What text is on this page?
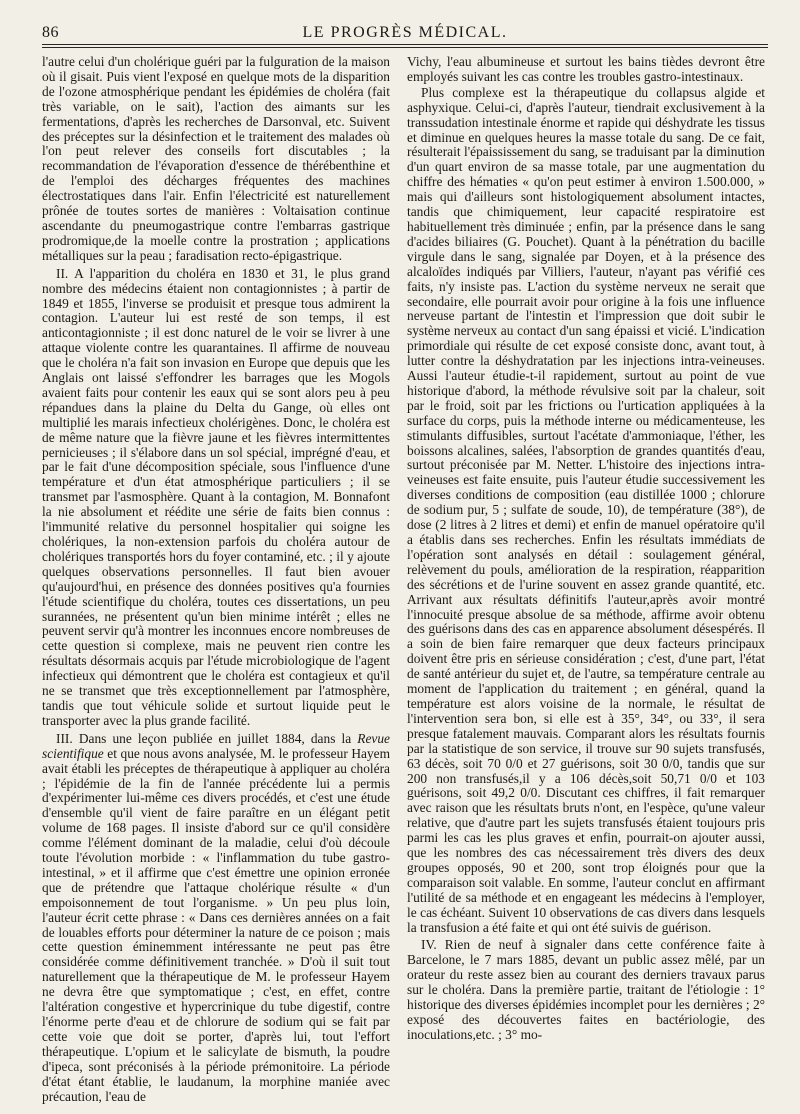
86	LE PROGRÈS MÉDICAL.

l'autre celui d'un cholérique guéri par la fulguration de la maison où il gisait. Puis vient l'exposé en quelque mots de la disparition de l'ozone atmosphérique pendant les épidémies de choléra (fait très variable, on le sait), l'action des aimants sur les fermentations, d'après les recherches de Darsonval, etc. Suivent des préceptes sur la désinfection et le traitement des malades où l'on peut relever des conseils fort discutables ; la recommandation de l'évaporation d'essence de thérébenthine et de l'emploi des décharges fréquentes des machines électrostatiques dans l'air. Enfin l'électricité est naturellement prônée de toutes sortes de manières : Voltaisation continue ascendante du pneumogastrique contre l'embarras gastrique prodromique,de la moelle contre la prostration ; applications métalliques sur la peau ; faradisation recto-épigastrique.

II. A l'apparition du choléra en 1830 et 31, le plus grand nombre des médecins étaient non contagionnistes ; à partir de 1849 et 1855, l'inverse se produisit et presque tous admirent la contagion. L'auteur lui est resté de son temps, il est anticontagionniste ; il est donc naturel de le voir se livrer à une attaque violente contre les quarantaines. Il affirme de nouveau que le choléra n'a fait son invasion en Europe que depuis que les Anglais ont laissé s'effondrer les barrages que les Mogols avaient faits pour contenir les eaux qui se sont alors peu à peu répandues dans la plaine du Delta du Gange, où elles ont multiplié les marais infectieux cholérigènes. Donc, le choléra est de même nature que la fièvre jaune et les fièvres intermittentes pernicieuses ; il s'élabore dans un sol spécial, imprégné d'eau, et par le fait d'une décomposition spéciale, sous l'influence d'une température et d'un état atmosphérique particuliers ; il se transmet par l'asmosphère. Quant à la contagion, M. Bonnafont la nie absolument et réédite une série de faits bien connus : l'immunité relative du personnel hospitalier qui soigne les cholériques, la non-extension parfois du choléra autour de cholériques transportés hors du foyer contaminé, etc. ; il y ajoute quelques observations personnelles. Il faut bien avouer qu'aujourd'hui, en présence des données positives qu'a fournies l'étude scientifique du choléra, toutes ces dissertations, un peu surannées, ne présentent qu'un bien minime intérêt ; elles ne peuvent servir qu'à montrer les inconnues encore nombreuses de cette question si complexe, mais ne peuvent rien contre les résultats désormais acquis par l'étude microbiologique de l'agent infectieux qui démontrent que le choléra est contagieux et qu'il ne se transmet que très exceptionnellement par l'atmosphère, tandis que tout véhicule solide et surtout liquide peut le transporter avec la plus grande facilité.

III. Dans une leçon publiée en juillet 1884, dans la Revue scientifique et que nous avons analysée, M. le professeur Hayem avait établi les préceptes de thérapeutique à appliquer au choléra ; l'épidémie de la fin de l'année précédente lui a permis d'expérimenter lui-même ces divers procédés, et c'est une étude d'ensemble qu'il vient de faire paraître en un élégant petit volume de 168 pages. Il insiste d'abord sur ce qu'il considère comme l'élément dominant de la maladie, celui d'où découle toute l'évolution morbide : « l'inflammation du tube gastro-intestinal, » et il affirme que c'est émettre une opinion erronée que de prétendre que l'attaque cholérique résulte « d'un empoisonnement de tout l'organisme. » Un peu plus loin, l'auteur écrit cette phrase : « Dans ces dernières années on a fait de louables efforts pour déterminer la nature de ce poison ; mais cette question éminemment intéressante ne peut pas être considérée comme définitivement tranchée. » D'où il suit tout naturellement que la thérapeutique de M. le professeur Hayem ne devra être que symptomatique ; c'est, en effet, contre l'altération congestive et hypercrinique du tube digestif, contre l'énorme perte d'eau et de chlorure de sodium qui se fait par cette voie que doit se porter, d'après lui, tout l'effort thérapeutique. L'opium et le salicylate de bismuth, la poudre d'ipeca, sont préconisés à la période prémonitoire. La période d'état étant établie, le laudanum, la morphine maniée avec précaution, l'eau de

Vichy, l'eau albumineuse et surtout les bains tièdes devront être employés suivant les cas contre les troubles gastro-intestinaux.

Plus complexe est la thérapeutique du collapsus algide et asphyxique. Celui-ci, d'après l'auteur, tiendrait exclusivement à la transsudation intestinale énorme et rapide qui déshydrate les tissus et diminue en quelques heures la masse totale du sang. De ce fait, résulterait l'épaississement du sang, se traduisant par la diminution d'un quart environ de sa masse totale, par une augmentation du chiffre des hématies « qu'on peut estimer à environ 1.500.000, » mais qui d'ailleurs sont histologiquement absolument intactes, tandis que chimiquement, leur capacité respiratoire est habituellement très diminuée ; enfin, par la présence dans le sang d'acides biliaires (G. Pouchet). Quant à la pénétration du bacille virgule dans le sang, signalée par Doyen, et à la présence des alcaloïdes indiqués par Villiers, l'auteur, n'ayant pas vérifié ces faits, n'y insiste pas. L'action du système nerveux ne serait que secondaire, elle pourrait avoir pour origine à la fois une influence nerveuse partant de l'intestin et l'impression que doit subir le système nerveux au contact d'un sang épaissi et vicié. L'indication primordiale qui résulte de cet exposé consiste donc, avant tout, à lutter contre la déshydratation par les injections intra-veineuses. Aussi l'auteur étudie-t-il rapidement, surtout au point de vue historique d'abord, la méthode révulsive soit par la chaleur, soit par le froid, soit par les frictions ou l'urtication appliquées à la surface du corps, puis la méthode interne ou médicamenteuse, les stimulants diffusibles, surtout l'acétate d'ammoniaque, l'éther, les boissons alcalines, salées, l'absorption de grandes quantités d'eau, surtout préconisée par M. Netter. L'histoire des injections intra-veineuses est faite ensuite, puis l'auteur étudie successivement les diverses conditions de composition (eau distillée 1000 ; chlorure de sodium pur, 5 ; sulfate de soude, 10), de température (38°), de dose (2 litres à 2 litres et demi) et enfin de manuel opératoire qu'il a établis dans ses recherches. Enfin les résultats immédiats de l'opération sont analysés en détail : soulagement général, relèvement du pouls, amélioration de la respiration, réapparition des sécrétions et de l'urine souvent en assez grande quantité, etc. Arrivant aux résultats définitifs l'auteur,après avoir montré l'innocuité presque absolue de sa méthode, affirme avoir obtenu des guérisons dans des cas en apparence absolument désespérés. Il a soin de bien faire remarquer que deux facteurs principaux doivent être pris en sérieuse considération ; c'est, d'une part, l'état de santé antérieur du sujet et, de l'autre, sa température centrale au moment de l'application du traitement ; en général, quand la température est alors voisine de la normale, le résultat de l'intervention sera bon, si elle est à 35°, 34°, ou 33°, il sera presque fatalement mauvais. Comparant alors les résultats fournis par la statistique de son service, il trouve sur 90 sujets transfusés, 63 décès, soit 70 0/0 et 27 guérisons, soit 30 0/0, tandis que sur 200 non transfusés,il y a 106 décès,soit 50,71 0/0 et 103 guérisons, soit 49,2 0/0. Discutant ces chiffres, il fait remarquer avec raison que les résultats bruts n'ont, en l'espèce, qu'une valeur relative, que d'autre part les sujets transfusés étaient toujours pris parmi les cas les plus graves et enfin, pourrait-on ajouter aussi, que les nombres des cas nécessairement très divers des deux groupes opposés, 90 et 200, sont trop éloignés pour que la comparaison soit valable. En somme, l'auteur conclut en affirmant l'utilité de sa méthode et en engageant les médecins à l'employer, le cas échéant. Suivent 10 observations de cas divers dans lesquels la transfusion a été faite et qui ont été suivis de guérison.

IV. Rien de neuf à signaler dans cette conférence faite à Barcelone, le 7 mars 1885, devant un public assez mêlé, par un orateur du reste assez bien au courant des derniers travaux parus sur le choléra. Dans la première partie, traitant de l'étiologie : 1° historique des diverses épidémies incomplet pour les dernières ; 2° exposé des découvertes faites en bactériologie, des inoculations,etc. ; 3° mo-
